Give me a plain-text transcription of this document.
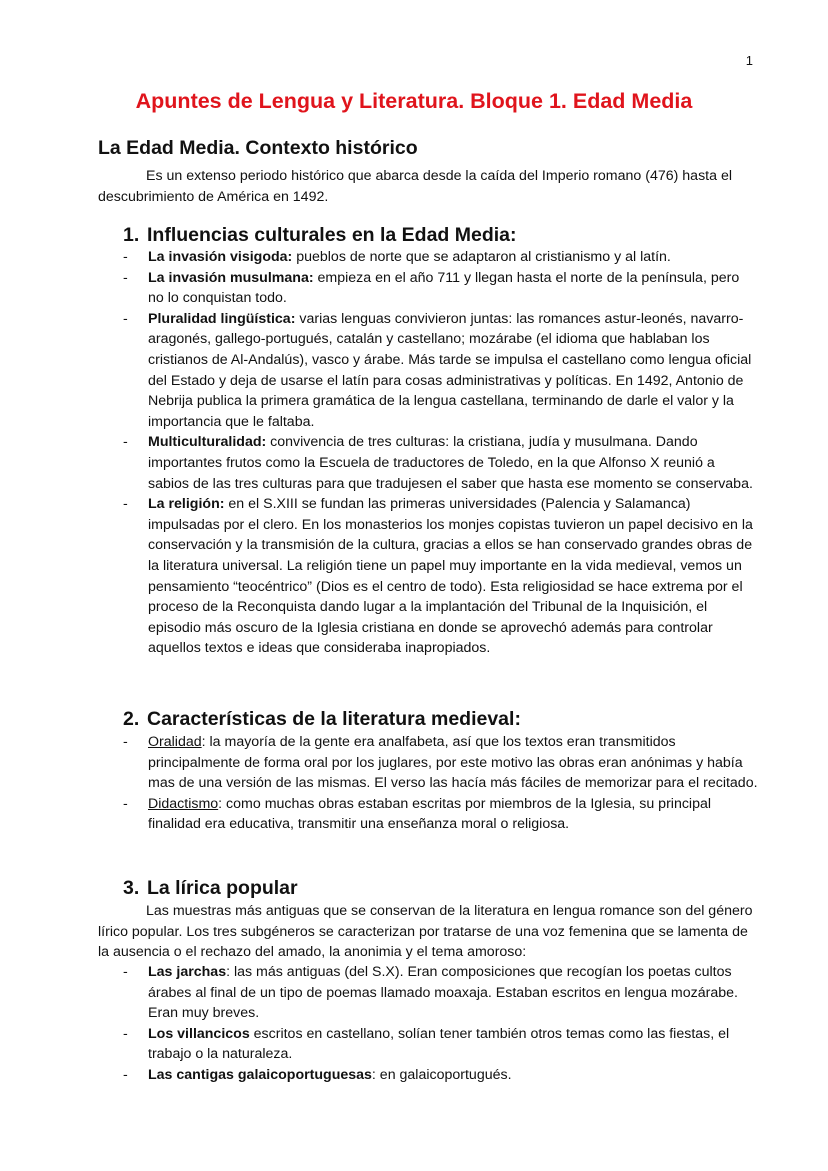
1
Apuntes de Lengua y Literatura. Bloque 1. Edad Media
La Edad Media. Contexto histórico

Es un extenso periodo histórico que abarca desde la caída del Imperio romano (476) hasta el descubrimiento de América en 1492.

1. Influencias culturales en la Edad Media:
- La invasión visigoda: pueblos de norte que se adaptaron al cristianismo y al latín.
- La invasión musulmana: empieza en el año 711 y llegan hasta el norte de la península, pero no lo conquistan todo.
- Pluralidad lingüística: varias lenguas convivieron juntas: las romances astur-leonés, navarro-aragonés, gallego-portugués, catalán y castellano; mozárabe (el idioma que hablaban los cristianos de Al-Andalús), vasco y árabe. Más tarde se impulsa el castellano como lengua oficial del Estado y deja de usarse el latín para cosas administrativas y políticas. En 1492, Antonio de Nebrija publica la primera gramática de la lengua castellana, terminando de darle el valor y la importancia que le faltaba.
- Multiculturalidad: convivencia de tres culturas: la cristiana, judía y musulmana. Dando importantes frutos como la Escuela de traductores de Toledo, en la que Alfonso X reunió a sabios de las tres culturas para que tradujesen el saber que hasta ese momento se conservaba.
- La religión: en el S.XIII se fundan las primeras universidades (Palencia y Salamanca) impulsadas por el clero. En los monasterios los monjes copistas tuvieron un papel decisivo en la conservación y la transmisión de la cultura, gracias a ellos se han conservado grandes obras de la literatura universal. La religión tiene un papel muy importante en la vida medieval, vemos un pensamiento “teocéntrico” (Dios es el centro de todo). Esta religiosidad se hace extrema por el proceso de la Reconquista dando lugar a la implantación del Tribunal de la Inquisición, el episodio más oscuro de la Iglesia cristiana en donde se aprovechó además para controlar aquellos textos e ideas que consideraba inapropiados.
2. Características de la literatura medieval:
- Oralidad: la mayoría de la gente era analfabeta, así que los textos eran transmitidos principalmente de forma oral por los juglares, por este motivo las obras eran anónimas y había mas de una versión de las mismas. El verso las hacía más fáciles de memorizar para el recitado.
- Didactismo: como muchas obras estaban escritas por miembros de la Iglesia, su principal finalidad era educativa, transmitir una enseñanza moral o religiosa.
3. La lírica popular

Las muestras más antiguas que se conservan de la literatura en lengua romance son del género lírico popular. Los tres subgéneros se caracterizan por tratarse de una voz femenina que se lamenta de la ausencia o el rechazo del amado, la anonimia y el tema amoroso:

- Las jarchas: las más antiguas (del S.X). Eran composiciones que recogían los poetas cultos árabes al final de un tipo de poemas llamado moaxaja. Estaban escritos en lengua mozárabe. Eran muy breves.
- Los villancicos escritos en castellano, solían tener también otros temas como las fiestas, el trabajo o la naturaleza.
- Las cantigas galaicoportuguesas: en galaicoportugués.
